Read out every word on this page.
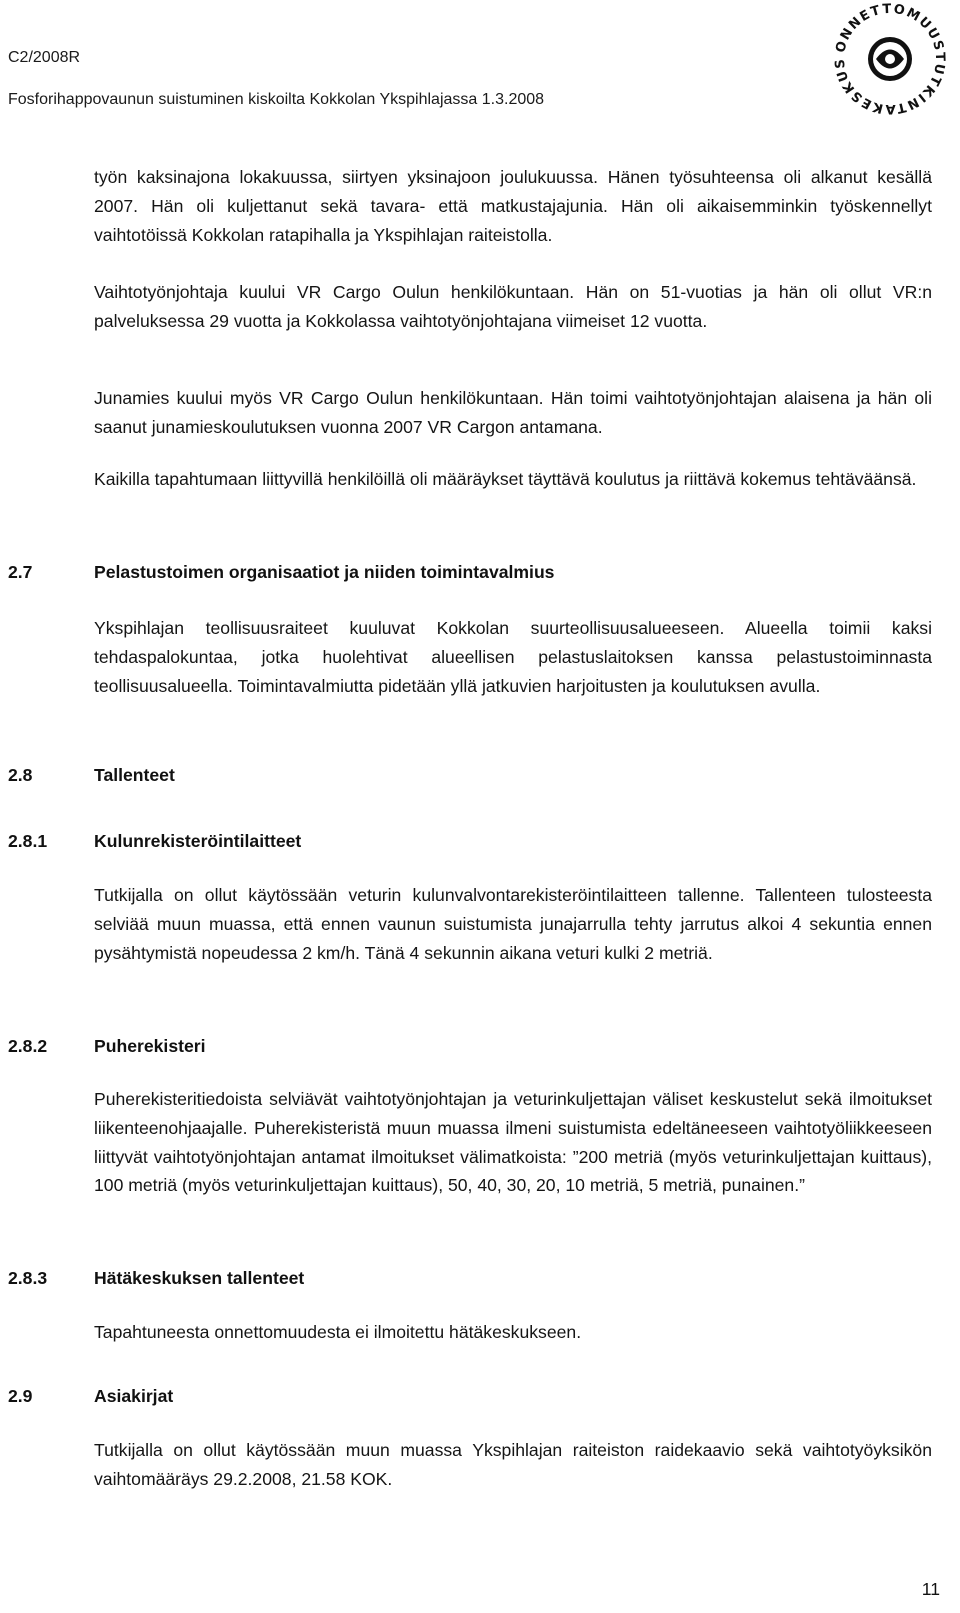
C2/2008R

Fosforihappovaunun suistuminen kiskoilta Kokkolan Ykspihlajassa 1.3.2008

ONNETTOMUUSTUTKINTAKESKUS

työn kaksinajona lokakuussa, siirtyen yksinajoon joulukuussa. Hänen työsuhteensa oli alkanut kesällä 2007. Hän oli kuljettanut sekä tavara- että matkustajajunia. Hän oli aikaisemminkin työskennellyt vaihtotöissä Kokkolan ratapihalla ja Ykspihlajan raiteistolla.

Vaihtotyönjohtaja kuului VR Cargo Oulun henkilökuntaan. Hän on 51-vuotias ja hän oli ollut VR:n palveluksessa 29 vuotta ja Kokkolassa vaihtotyönjohtajana viimeiset 12 vuotta.

Junamies kuului myös VR Cargo Oulun henkilökuntaan. Hän toimi vaihtotyönjohtajan alaisena ja hän oli saanut junamieskoulutuksen vuonna 2007 VR Cargon antamana.

Kaikilla tapahtumaan liittyvillä henkilöillä oli määräykset täyttävä koulutus ja riittävä kokemus tehtäväänsä.

2.7	Pelastustoimen organisaatiot ja niiden toimintavalmius

Ykspihlajan teollisuusraiteet kuuluvat Kokkolan suurteollisuusalueeseen. Alueella toimii kaksi tehdaspalokuntaa, jotka huolehtivat alueellisen pelastuslaitoksen kanssa pelastustoiminnasta teollisuusalueella. Toimintavalmiutta pidetään yllä jatkuvien harjoitusten ja koulutuksen avulla.

2.8	Tallenteet
2.8.1	Kulunrekisteröintilaitteet

Tutkijalla on ollut käytössään veturin kulunvalvontarekisteröintilaitteen tallenne. Tallenteen tulosteesta selviää muun muassa, että ennen vaunun suistumista junajarrulla tehty jarrutus alkoi 4 sekuntia ennen pysähtymistä nopeudessa 2 km/h. Tänä 4 sekunnin aikana veturi kulki 2 metriä.

2.8.2	Puherekisteri

Puherekisteritiedoista selviävät vaihtotyönjohtajan ja veturinkuljettajan väliset keskustelut sekä ilmoitukset liikenteenohjaajalle. Puherekisteristä muun muassa ilmeni suistumista edeltäneeseen vaihtotyöliikkeeseen liittyvät vaihtotyönjohtajan antamat ilmoitukset välimatkoista: ”200 metriä (myös veturinkuljettajan kuittaus), 100 metriä (myös veturinkuljettajan kuittaus), 50, 40, 30, 20, 10 metriä, 5 metriä, punainen.”

2.8.3	Hätäkeskuksen tallenteet

Tapahtuneesta onnettomuudesta ei ilmoitettu hätäkeskukseen.

2.9	Asiakirjat

Tutkijalla on ollut käytössään muun muassa Ykspihlajan raiteiston raidekaavio sekä vaihtotyöyksikön vaihtomääräys 29.2.2008, 21.58 KOK.

11
